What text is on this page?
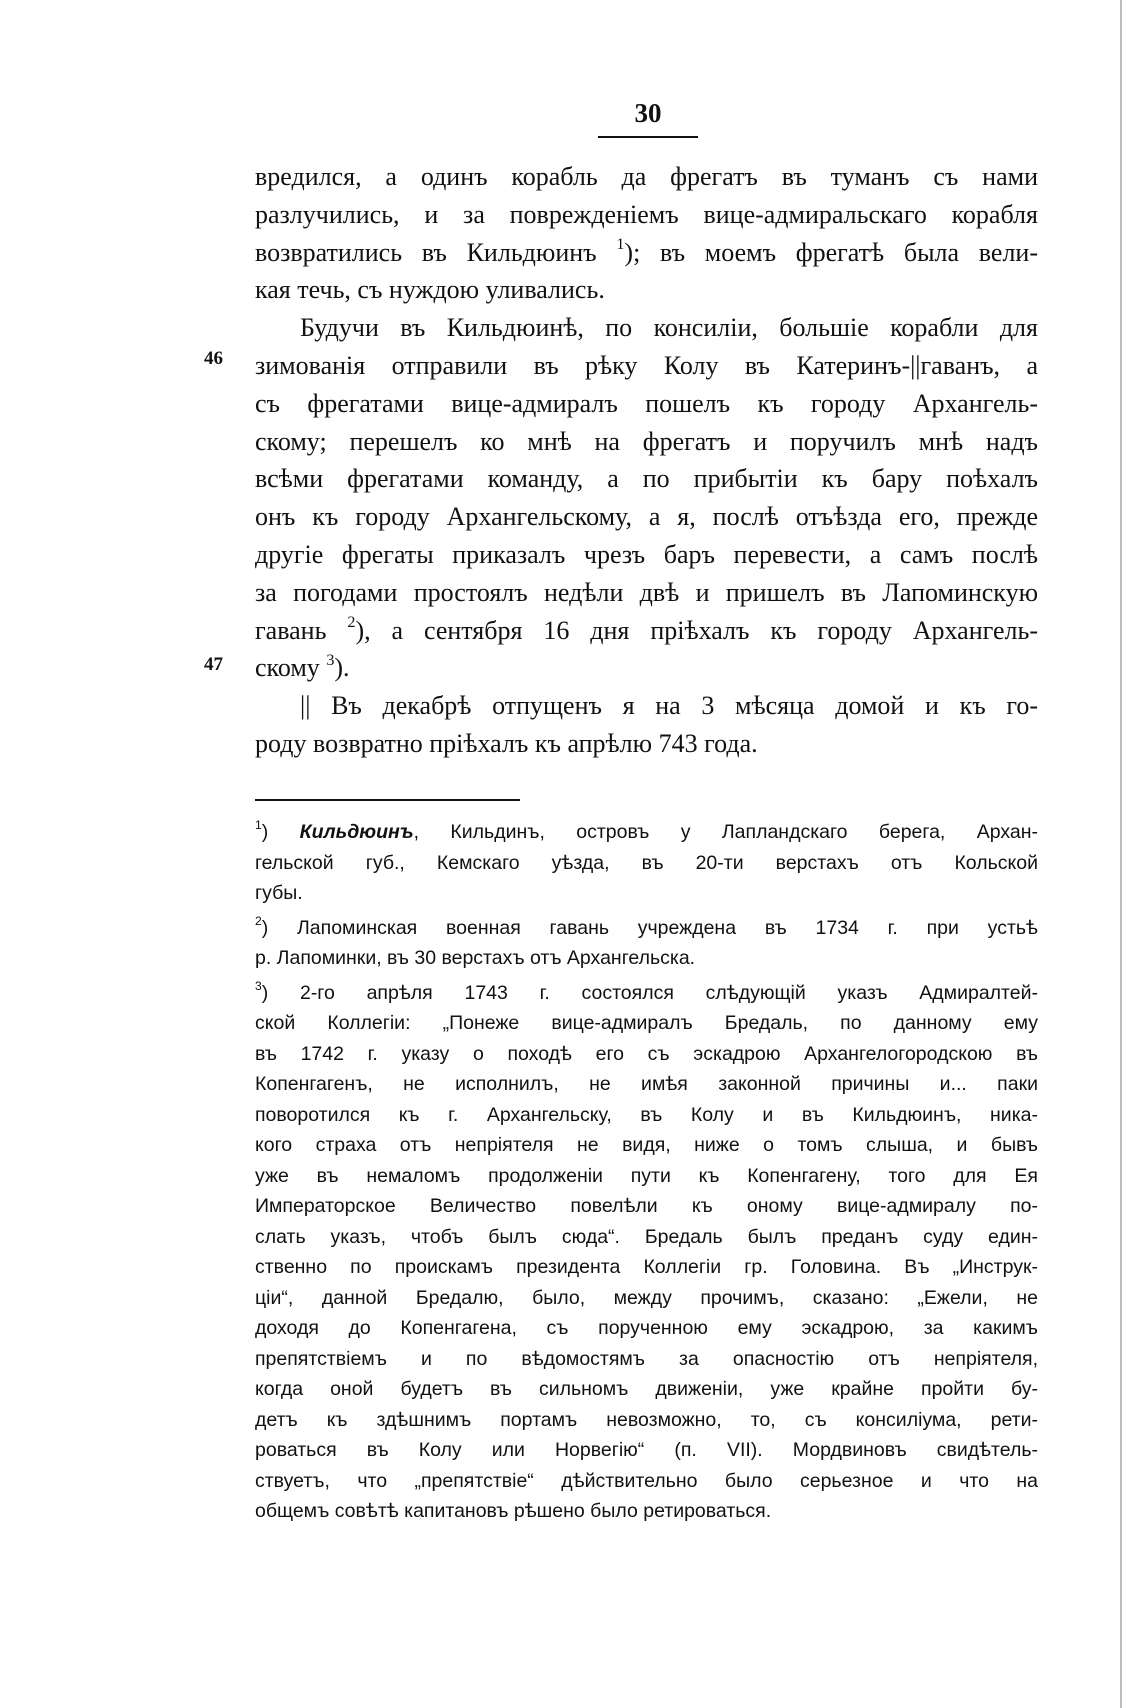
30
46
47
вредился, а одинъ корабль да фрегатъ въ туманъ съ нами
разлучились, и за поврежденіемъ вице-адмиральскаго корабля
возвратились въ Кильдюинъ $^1$); въ моемъ фрегатѣ была вели-
кая течь, съ нуждою уливались.
Будучи въ Кильдюинѣ, по консиліи, большіе корабли для
зимованія отправили въ рѣку Колу въ Катеринъ-||гаванъ, а
съ фрегатами вице-адмиралъ пошелъ къ городу Архангель-
скому; перешелъ ко мнѣ на фрегатъ и поручилъ мнѣ надъ
всѣми фрегатами команду, а по прибытіи къ бару поѣхалъ
онъ къ городу Архангельскому, а я, послѣ отъѣзда его, прежде
другіе фрегаты приказалъ чрезъ баръ перевести, а самъ послѣ
за погодами простоялъ недѣли двѣ и пришелъ въ Лапоминскую
гавань $^2$), а сентября 16 дня пріѣхалъ къ городу Архангель-
скому $^3$).
|| Въ декабрѣ отпущенъ я на 3 мѣсяца домой и къ го-
роду возвратно пріѣхалъ къ апрѣлю 743 года.
$^1$) Кильдюинъ, Кильдинъ, островъ у Лапландскаго берега, Архан-
гельской губ., Кемскаго уѣзда, въ 20-ти верстахъ отъ Кольской
губы.
$^2$) Лапоминская военная гавань учреждена въ 1734 г. при устьѣ
р. Лапоминки, въ 30 верстахъ отъ Архангельска.
$^3$) 2-го апрѣля 1743 г. состоялся слѣдующій указъ Адмиралтей-
ской Коллегіи: „Понеже вице-адмиралъ Бредаль, по данному ему
въ 1742 г. указу о походѣ его съ эскадрою Архангелогородскою въ
Копенгагенъ, не исполнилъ, не имѣя законной причины и... паки
поворотился къ г. Архангельску, въ Колу и въ Кильдюинъ, ника-
кого страха отъ непріятеля не видя, ниже о томъ слыша, и бывъ
уже въ немаломъ продолженіи пути къ Копенгагену, того для Ея
Императорское Величество повелѣли къ оному вице-адмиралу по-
слать указъ, чтобъ былъ сюда“. Бредаль былъ преданъ суду един-
ственно по проискамъ президента Коллегіи гр. Головина. Въ „Инструк-
ціи“, данной Бредалю, было, между прочимъ, сказано: „Ежели, не
доходя до Копенгагена, съ порученною ему эскадрою, за какимъ
препятствіемъ и по вѣдомостямъ за опасностію отъ непріятеля,
когда оной будетъ въ сильномъ движеніи, уже крайне пройти бу-
детъ къ здѣшнимъ портамъ невозможно, то, съ консиліума, рети-
роваться въ Колу или Норвегію“ (п. VII). Мордвиновъ свидѣтель-
ствуетъ, что „препятствіе“ дѣйствительно было серьезное и что на
общемъ совѣтѣ капитановъ рѣшено было ретироваться.
